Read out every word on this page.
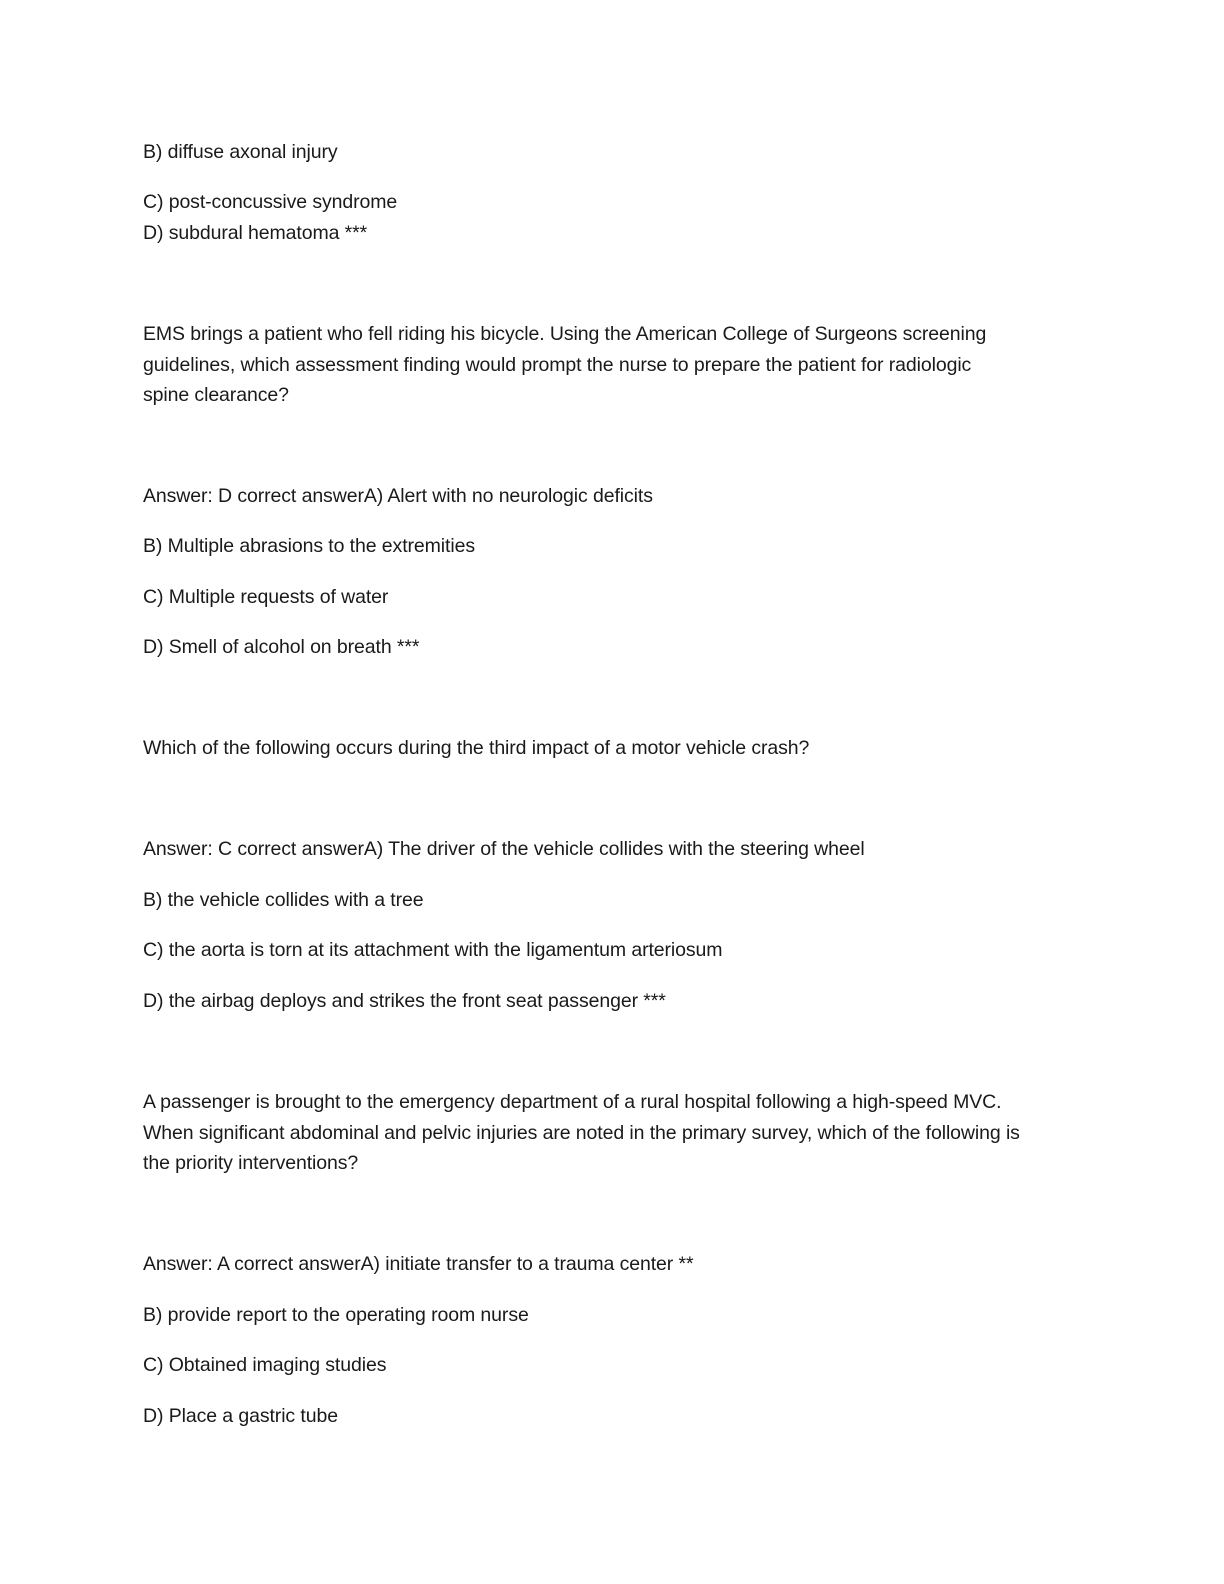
B) diffuse axonal injury
C) post-concussive syndrome
D) subdural hematoma ***
EMS brings a patient who fell riding his bicycle. Using the American College of Surgeons screening
guidelines, which assessment finding would prompt the nurse to prepare the patient for radiologic
spine clearance?
Answer: D correct answerA) Alert with no neurologic deficits
B) Multiple abrasions to the extremities
C) Multiple requests of water
D) Smell of alcohol on breath ***
Which of the following occurs during the third impact of a motor vehicle crash?
Answer: C correct answerA) The driver of the vehicle collides with the steering wheel
B) the vehicle collides with a tree
C) the aorta is torn at its attachment with the ligamentum arteriosum
D) the airbag deploys and strikes the front seat passenger ***
A passenger is brought to the emergency department of a rural hospital following a high-speed MVC.
When significant abdominal and pelvic injuries are noted in the primary survey, which of the following is
the priority interventions?
Answer: A correct answerA) initiate transfer to a trauma center **
B) provide report to the operating room nurse
C) Obtained imaging studies
D) Place a gastric tube
